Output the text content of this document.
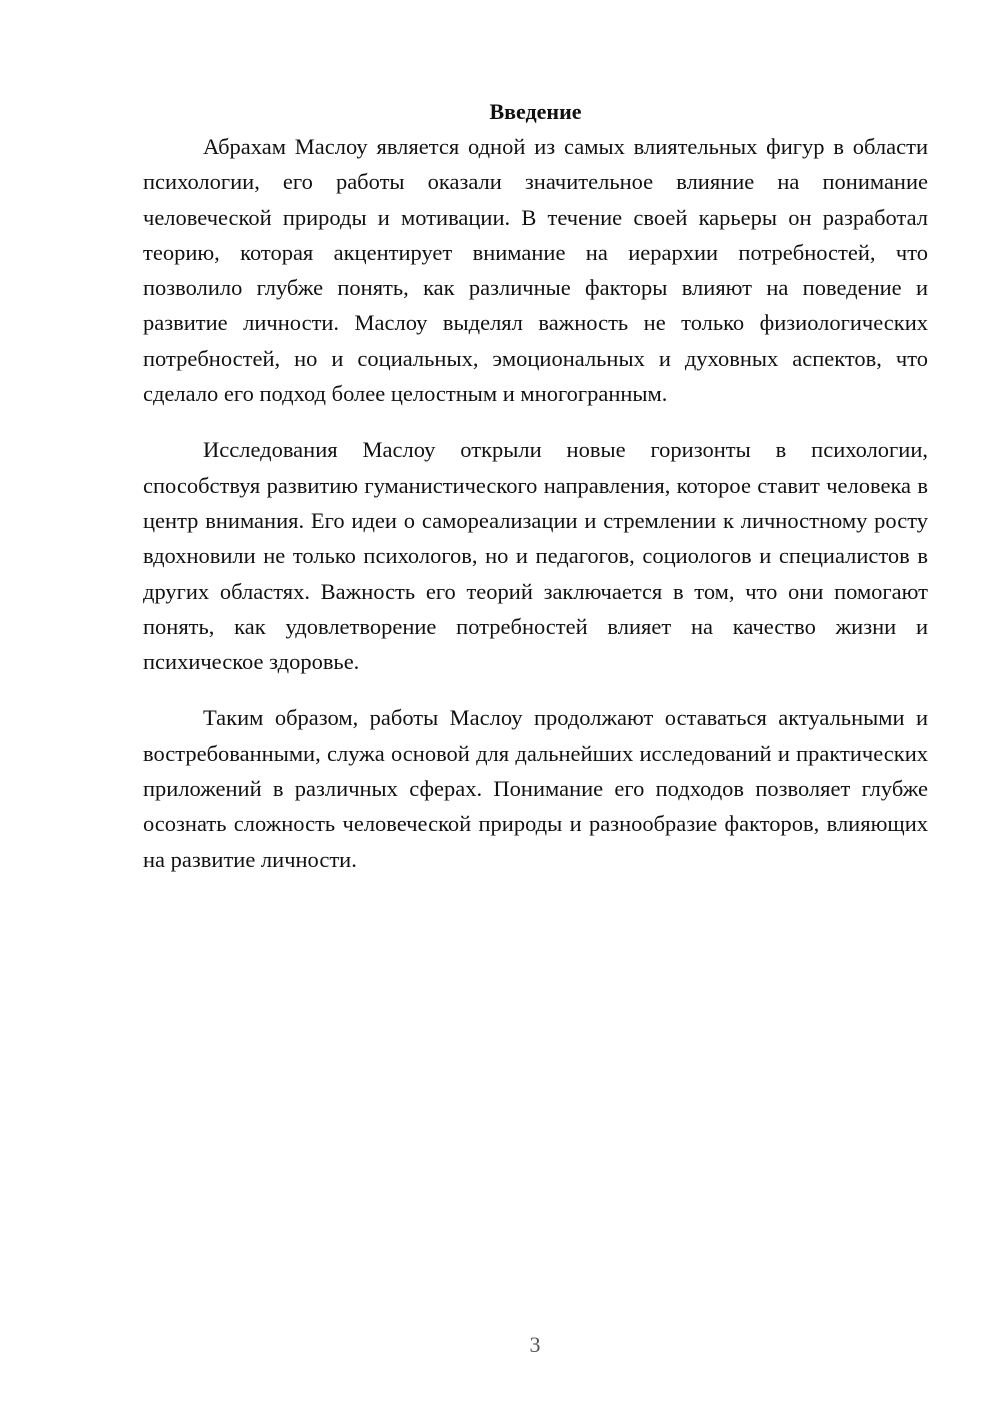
Введение

Абрахам Маслоу является одной из самых влиятельных фигур в области психологии, его работы оказали значительное влияние на понимание человеческой природы и мотивации. В течение своей карьеры он разработал теорию, которая акцентирует внимание на иерархии потребностей, что позволило глубже понять, как различные факторы влияют на поведение и развитие личности. Маслоу выделял важность не только физиологических потребностей, но и социальных, эмоциональных и духовных аспектов, что сделало его подход более целостным и многогранным.

Исследования Маслоу открыли новые горизонты в психологии, способствуя развитию гуманистического направления, которое ставит человека в центр внимания. Его идеи о самореализации и стремлении к личностному росту вдохновили не только психологов, но и педагогов, социологов и специалистов в других областях. Важность его теорий заключается в том, что они помогают понять, как удовлетворение потребностей влияет на качество жизни и психическое здоровье.

Таким образом, работы Маслоу продолжают оставаться актуальными и востребованными, служа основой для дальнейших исследований и практических приложений в различных сферах. Понимание его подходов позволяет глубже осознать сложность человеческой природы и разнообразие факторов, влияющих на развитие личности.

3
